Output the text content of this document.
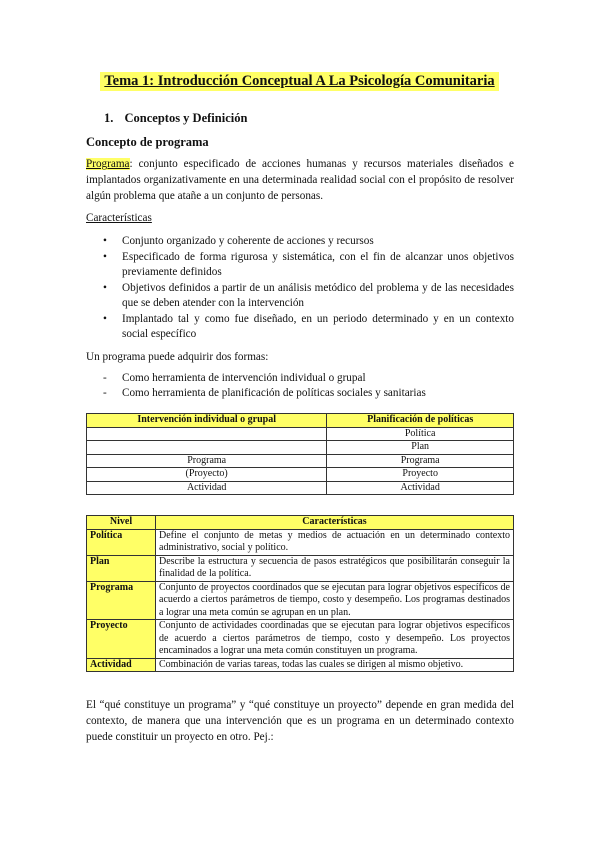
Tema 1: Introducción Conceptual A La Psicología Comunitaria
1. Conceptos y Definición
Concepto de programa
Programa: conjunto especificado de acciones humanas y recursos materiales diseñados e implantados organizativamente en una determinada realidad social con el propósito de resolver algún problema que atañe a un conjunto de personas.
Características
• Conjunto organizado y coherente de acciones y recursos
• Especificado de forma rigurosa y sistemática, con el fin de alcanzar unos objetivos previamente definidos
• Objetivos definidos a partir de un análisis metódico del problema y de las necesidades que se deben atender con la intervención
• Implantado tal y como fue diseñado, en un periodo determinado y en un contexto social específico
Un programa puede adquirir dos formas:
- Como herramienta de intervención individual o grupal
- Como herramienta de planificación de políticas sociales y sanitarias
Intervención individual o grupal	Planificación de políticas
	Política
	Plan
Programa	Programa
(Proyecto)	Proyecto
Actividad	Actividad
Nivel	Características
Política	Define el conjunto de metas y medios de actuación en un determinado contexto administrativo, social y político.
Plan	Describe la estructura y secuencia de pasos estratégicos que posibilitarán conseguir la finalidad de la política.
Programa	Conjunto de proyectos coordinados que se ejecutan para lograr objetivos específicos de acuerdo a ciertos parámetros de tiempo, costo y desempeño. Los programas destinados a lograr una meta común se agrupan en un plan.
Proyecto	Conjunto de actividades coordinadas que se ejecutan para lograr objetivos específicos de acuerdo a ciertos parámetros de tiempo, costo y desempeño. Los proyectos encaminados a lograr una meta común constituyen un programa.
Actividad	Combinación de varias tareas, todas las cuales se dirigen al mismo objetivo.
El “qué constituye un programa” y “qué constituye un proyecto” depende en gran medida del contexto, de manera que una intervención que es un programa en un determinado contexto puede constituir un proyecto en otro. Pej.:
